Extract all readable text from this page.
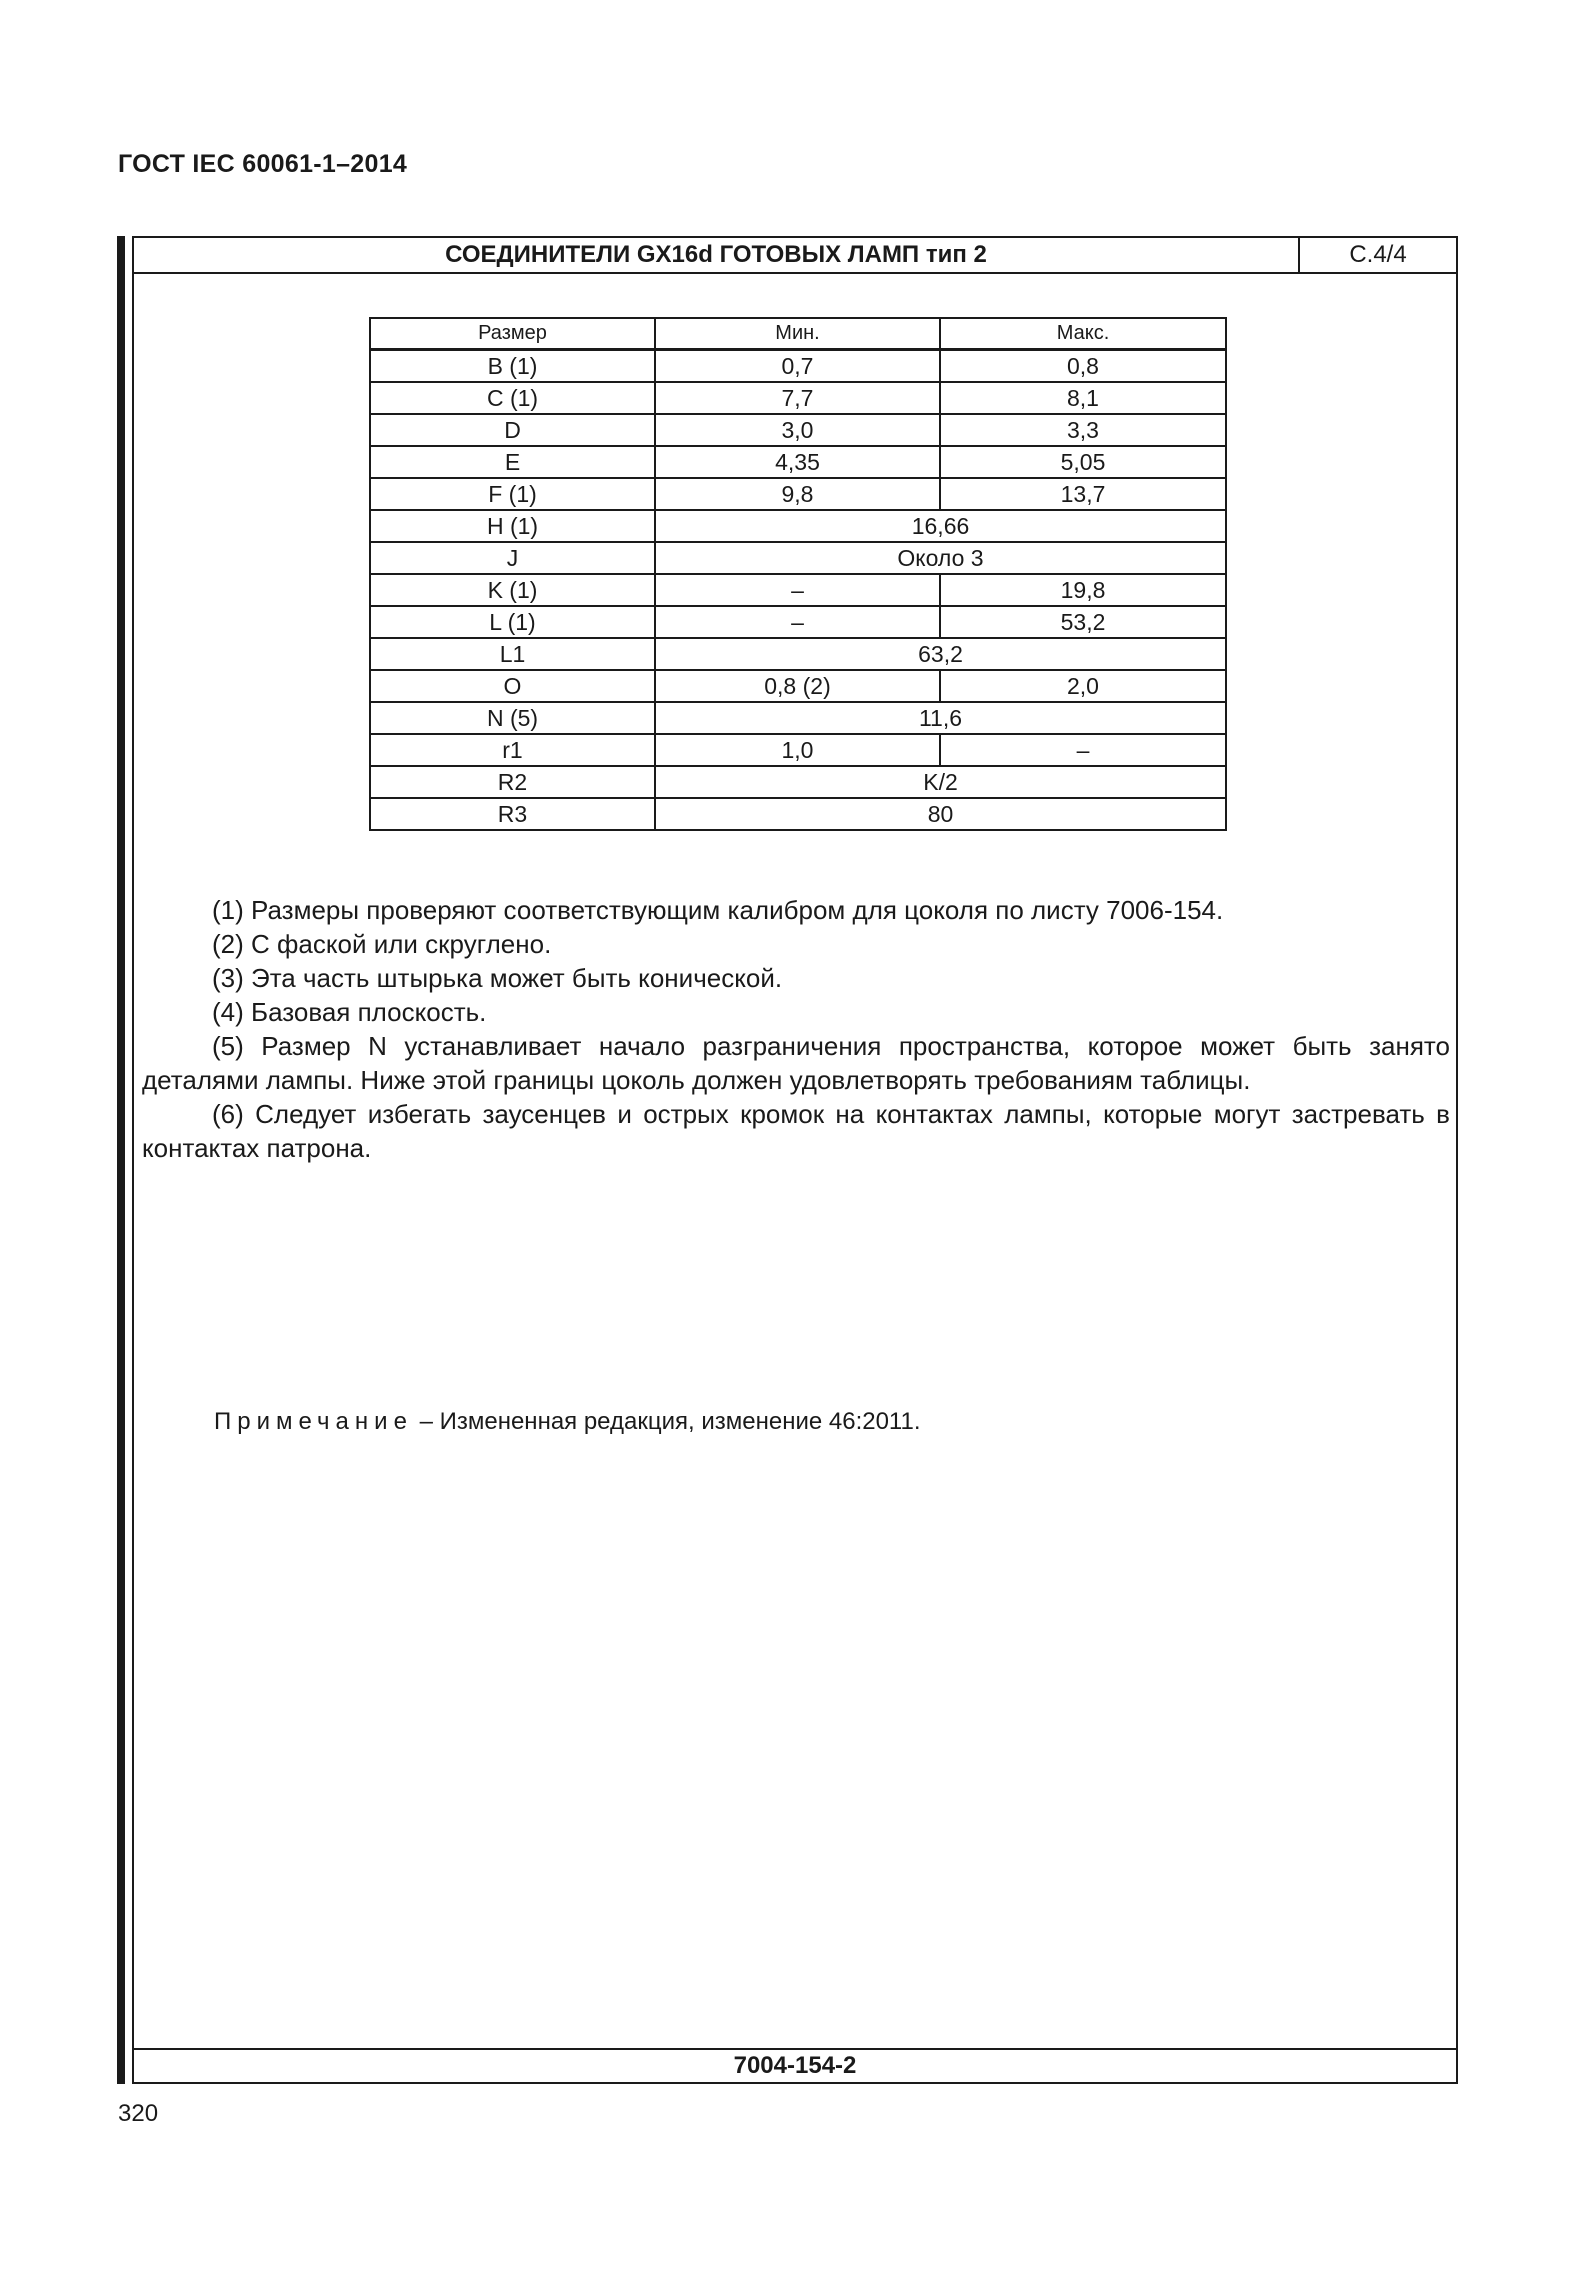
ГОСТ IEC 60061-1–2014
СОЕДИНИТЕЛИ GX16d ГОТОВЫХ ЛАМП тип 2	С.4/4
Размер	Мин.	Макс.
B (1)	0,7	0,8
C (1)	7,7	8,1
D	3,0	3,3
E	4,35	5,05
F (1)	9,8	13,7
H (1)	16,66	
J	Около 3	
K (1)	–	19,8
L (1)	–	53,2
L1	63,2	
O	0,8 (2)	2,0
N (5)	11,6	
r1	1,0	–
R2	K/2	
R3	80	

(1) Размеры проверяют соответствующим калибром для цоколя по листу 7006-154.

(2) С фаской или скруглено.

(3) Эта часть штырька может быть конической.

(4) Базовая плоскость.

(5) Размер N устанавливает начало разграничения пространства, которое может быть занято деталями лампы. Ниже этой границы цоколь должен удовлетворять требованиям таблицы.

(6) Следует избегать заусенцев и острых кромок на контактах лампы, которые могут застревать в контактах патрона.

Примечание – Измененная редакция, изменение 46:2011.
7004-154-2
320
